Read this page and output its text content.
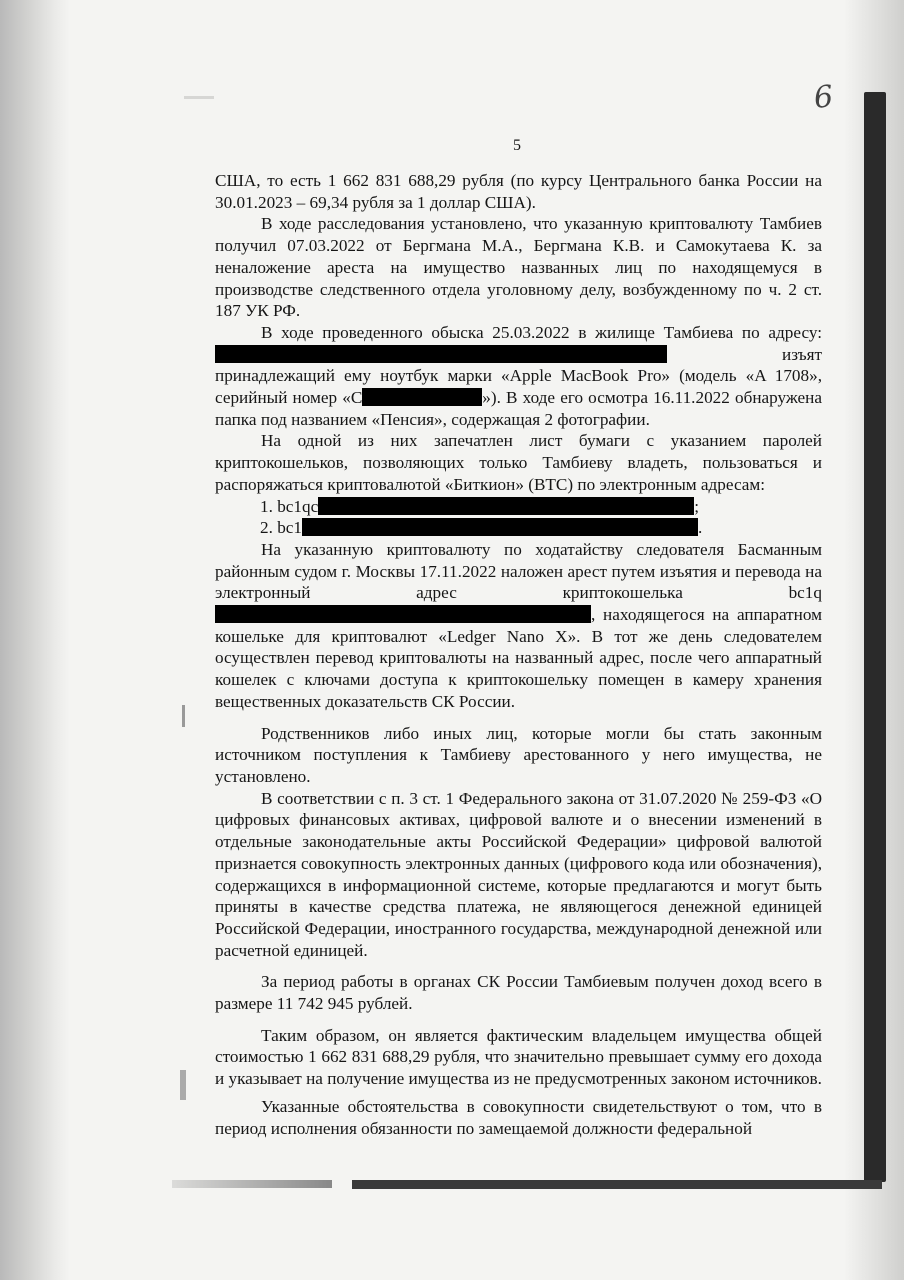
6
5

США, то есть 1 662 831 688,29 рубля (по курсу Центрального банка России на 30.01.2023 – 69,34 рубля за 1 доллар США).

В ходе расследования установлено, что указанную криптовалюту Тамбиев получил 07.03.2022 от Бергмана М.А., Бергмана К.В. и Самокутаева К. за неналожение ареста на имущество названных лиц по находящемуся в производстве следственного отдела уголовному делу, возбужденному по ч. 2 ст. 187 УК РФ.

В ходе проведенного обыска 25.03.2022 в жилище Тамбиева по адресу:  изъят принадлежащий ему ноутбук марки «Apple MacBook Pro» (модель «A 1708», серийный номер «С	»). В ходе его осмотра 16.11.2022 обнаружена папка под названием «Пенсия», содержащая 2 фотографии.

На одной из них запечатлен лист бумаги с указанием паролей криптокошельков, позволяющих только Тамбиеву владеть, пользоваться и распоряжаться криптовалютой «Биткион» (BTC) по электронным адресам:

1. bc1qc	;

2. bc1	.

На указанную криптовалюту по ходатайству следователя Басманным районным судом г. Москвы 17.11.2022 наложен арест путем изъятия и перевода на электронный адрес криптокошелька bc1q, находящегося на аппаратном кошельке для криптовалют «Ledger Nano X». В тот же день следователем осуществлен перевод криптовалюты на названный адрес, после чего аппаратный кошелек с ключами доступа к криптокошельку помещен в камеру хранения вещественных доказательств СК России.

Родственников либо иных лиц, которые могли бы стать законным источником поступления к Тамбиеву арестованного у него имущества, не установлено.

В соответствии с п. 3 ст. 1 Федерального закона от 31.07.2020 № 259-ФЗ «О цифровых финансовых активах, цифровой валюте и о внесении изменений в отдельные законодательные акты Российской Федерации» цифровой валютой признается совокупность электронных данных (цифрового кода или обозначения), содержащихся в информационной системе, которые предлагаются и могут быть приняты в качестве средства платежа, не являющегося денежной единицей Российской Федерации, иностранного государства, международной денежной или расчетной единицей.

За период работы в органах СК России Тамбиевым получен доход всего в размере 11 742 945 рублей.

Таким образом, он является фактическим владельцем имущества общей стоимостью 1 662 831 688,29 рубля, что значительно превышает сумму его дохода и указывает на получение имущества из не предусмотренных законом источников.

Указанные обстоятельства в совокупности свидетельствуют о том, что в период исполнения обязанности по замещаемой должности федеральной
